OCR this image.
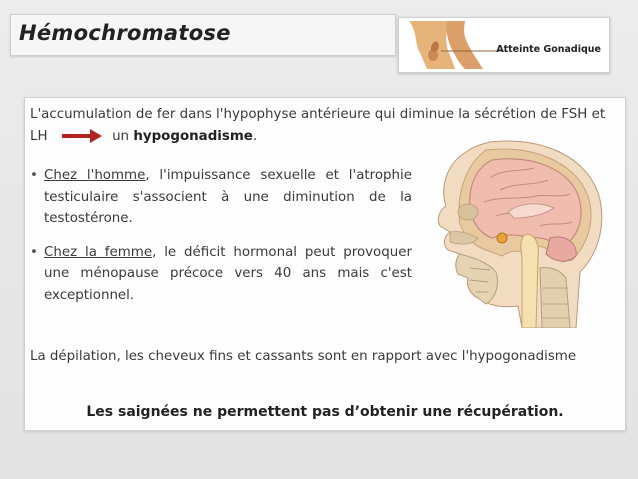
Hémochromatose
Atteinte Gonadique
L'accumulation de fer dans l'hypophyse antérieure qui diminue la sécrétion de FSH et
LH	un hypogonadisme.
• Chez l'homme, l'impuissance sexuelle et l'atrophie testiculaire s'associent à une diminution de la testostérone.
• Chez la femme, le déficit hormonal peut provoquer une ménopause précoce vers 40 ans mais c'est exceptionnel.
La dépilation, les cheveux fins et cassants sont en rapport avec l'hypogonadisme
Les saignées ne permettent pas d’obtenir une récupération.
